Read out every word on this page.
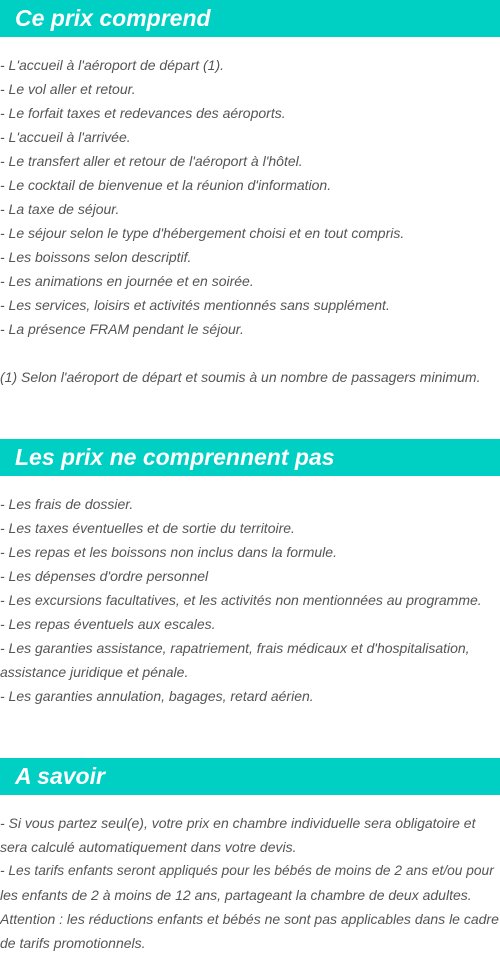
Ce prix comprend
- L'accueil à l'aéroport de départ (1).
- Le vol aller et retour.
- Le forfait taxes et redevances des aéroports.
- L'accueil à l'arrivée.
- Le transfert aller et retour de l'aéroport à l'hôtel.
- Le cocktail de bienvenue et la réunion d'information.
- La taxe de séjour.
- Le séjour selon le type d'hébergement choisi et en tout compris.
- Les boissons selon descriptif.
- Les animations en journée et en soirée.
- Les services, loisirs et activités mentionnés sans supplément.
- La présence FRAM pendant le séjour.
(1) Selon l'aéroport de départ et soumis à un nombre de passagers minimum.
Les prix ne comprennent pas
- Les frais de dossier.
- Les taxes éventuelles et de sortie du territoire.
- Les repas et les boissons non inclus dans la formule.
- Les dépenses d'ordre personnel
- Les excursions facultatives, et les activités non mentionnées au programme.
- Les repas éventuels aux escales.
- Les garanties assistance, rapatriement, frais médicaux et d'hospitalisation,
assistance juridique et pénale.
- Les garanties annulation, bagages, retard aérien.
A savoir
- Si vous partez seul(e), votre prix en chambre individuelle sera obligatoire et
sera calculé automatiquement dans votre devis.
- Les tarifs enfants seront appliqués pour les bébés de moins de 2 ans et/ou pour
les enfants de 2 à moins de 12 ans, partageant la chambre de deux adultes.
Attention : les réductions enfants et bébés ne sont pas applicables dans le cadre
de tarifs promotionnels.
